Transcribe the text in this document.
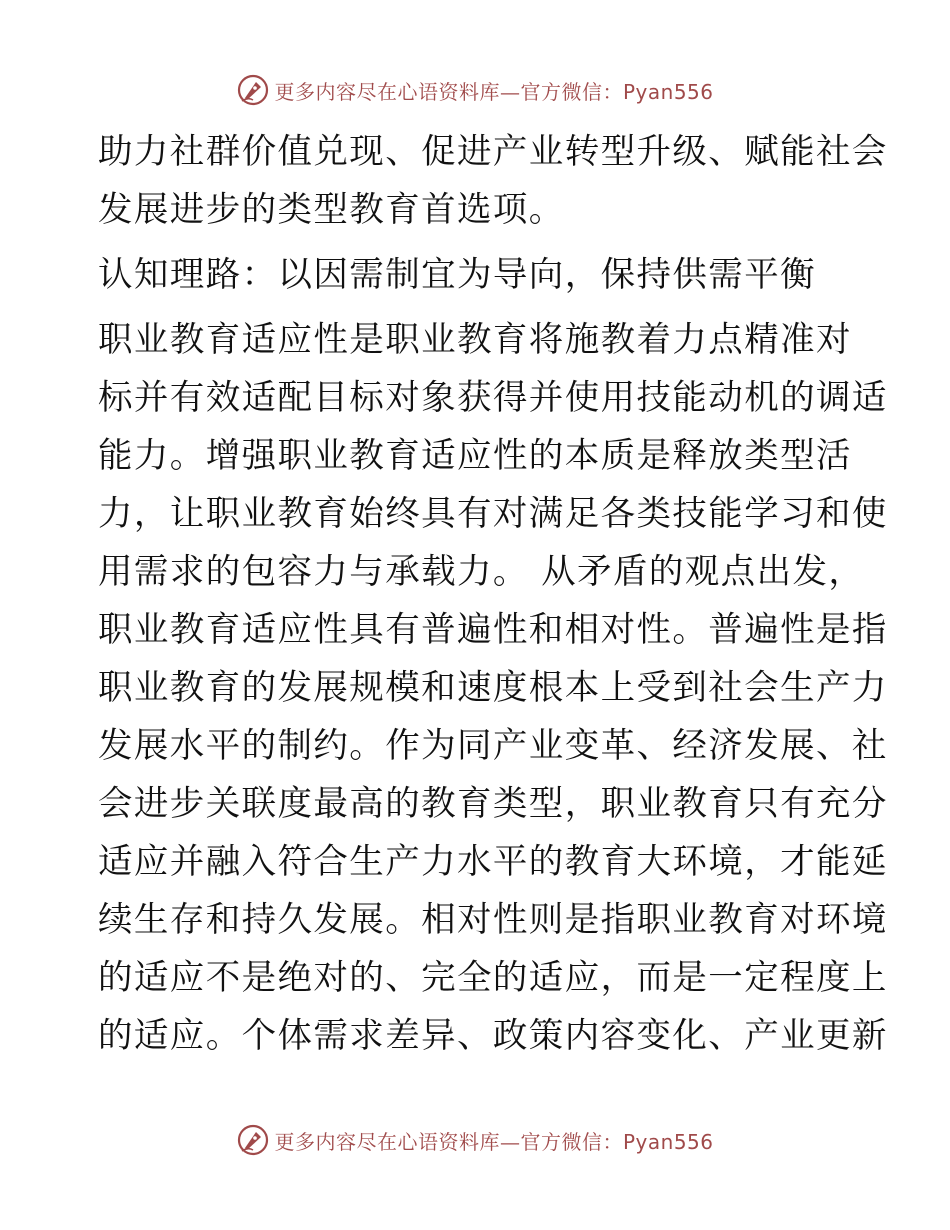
更多内容尽在心语资料库—官方微信：Pyan556
助力社群价值兑现、促进产业转型升级、赋能社会
发展进步的类型教育首选项。
认知理路：以因需制宜为导向，保持供需平衡
职业教育适应性是职业教育将施教着力点精准对
标并有效适配目标对象获得并使用技能动机的调适
能力。增强职业教育适应性的本质是释放类型活
力，让职业教育始终具有对满足各类技能学习和使
用需求的包容力与承载力。 从矛盾的观点出发，
职业教育适应性具有普遍性和相对性。普遍性是指
职业教育的发展规模和速度根本上受到社会生产力
发展水平的制约。作为同产业变革、经济发展、社
会进步关联度最高的教育类型，职业教育只有充分
适应并融入符合生产力水平的教育大环境，才能延
续生存和持久发展。相对性则是指职业教育对环境
的适应不是绝对的、完全的适应，而是一定程度上
的适应。个体需求差异、政策内容变化、产业更新
更多内容尽在心语资料库—官方微信：Pyan556
